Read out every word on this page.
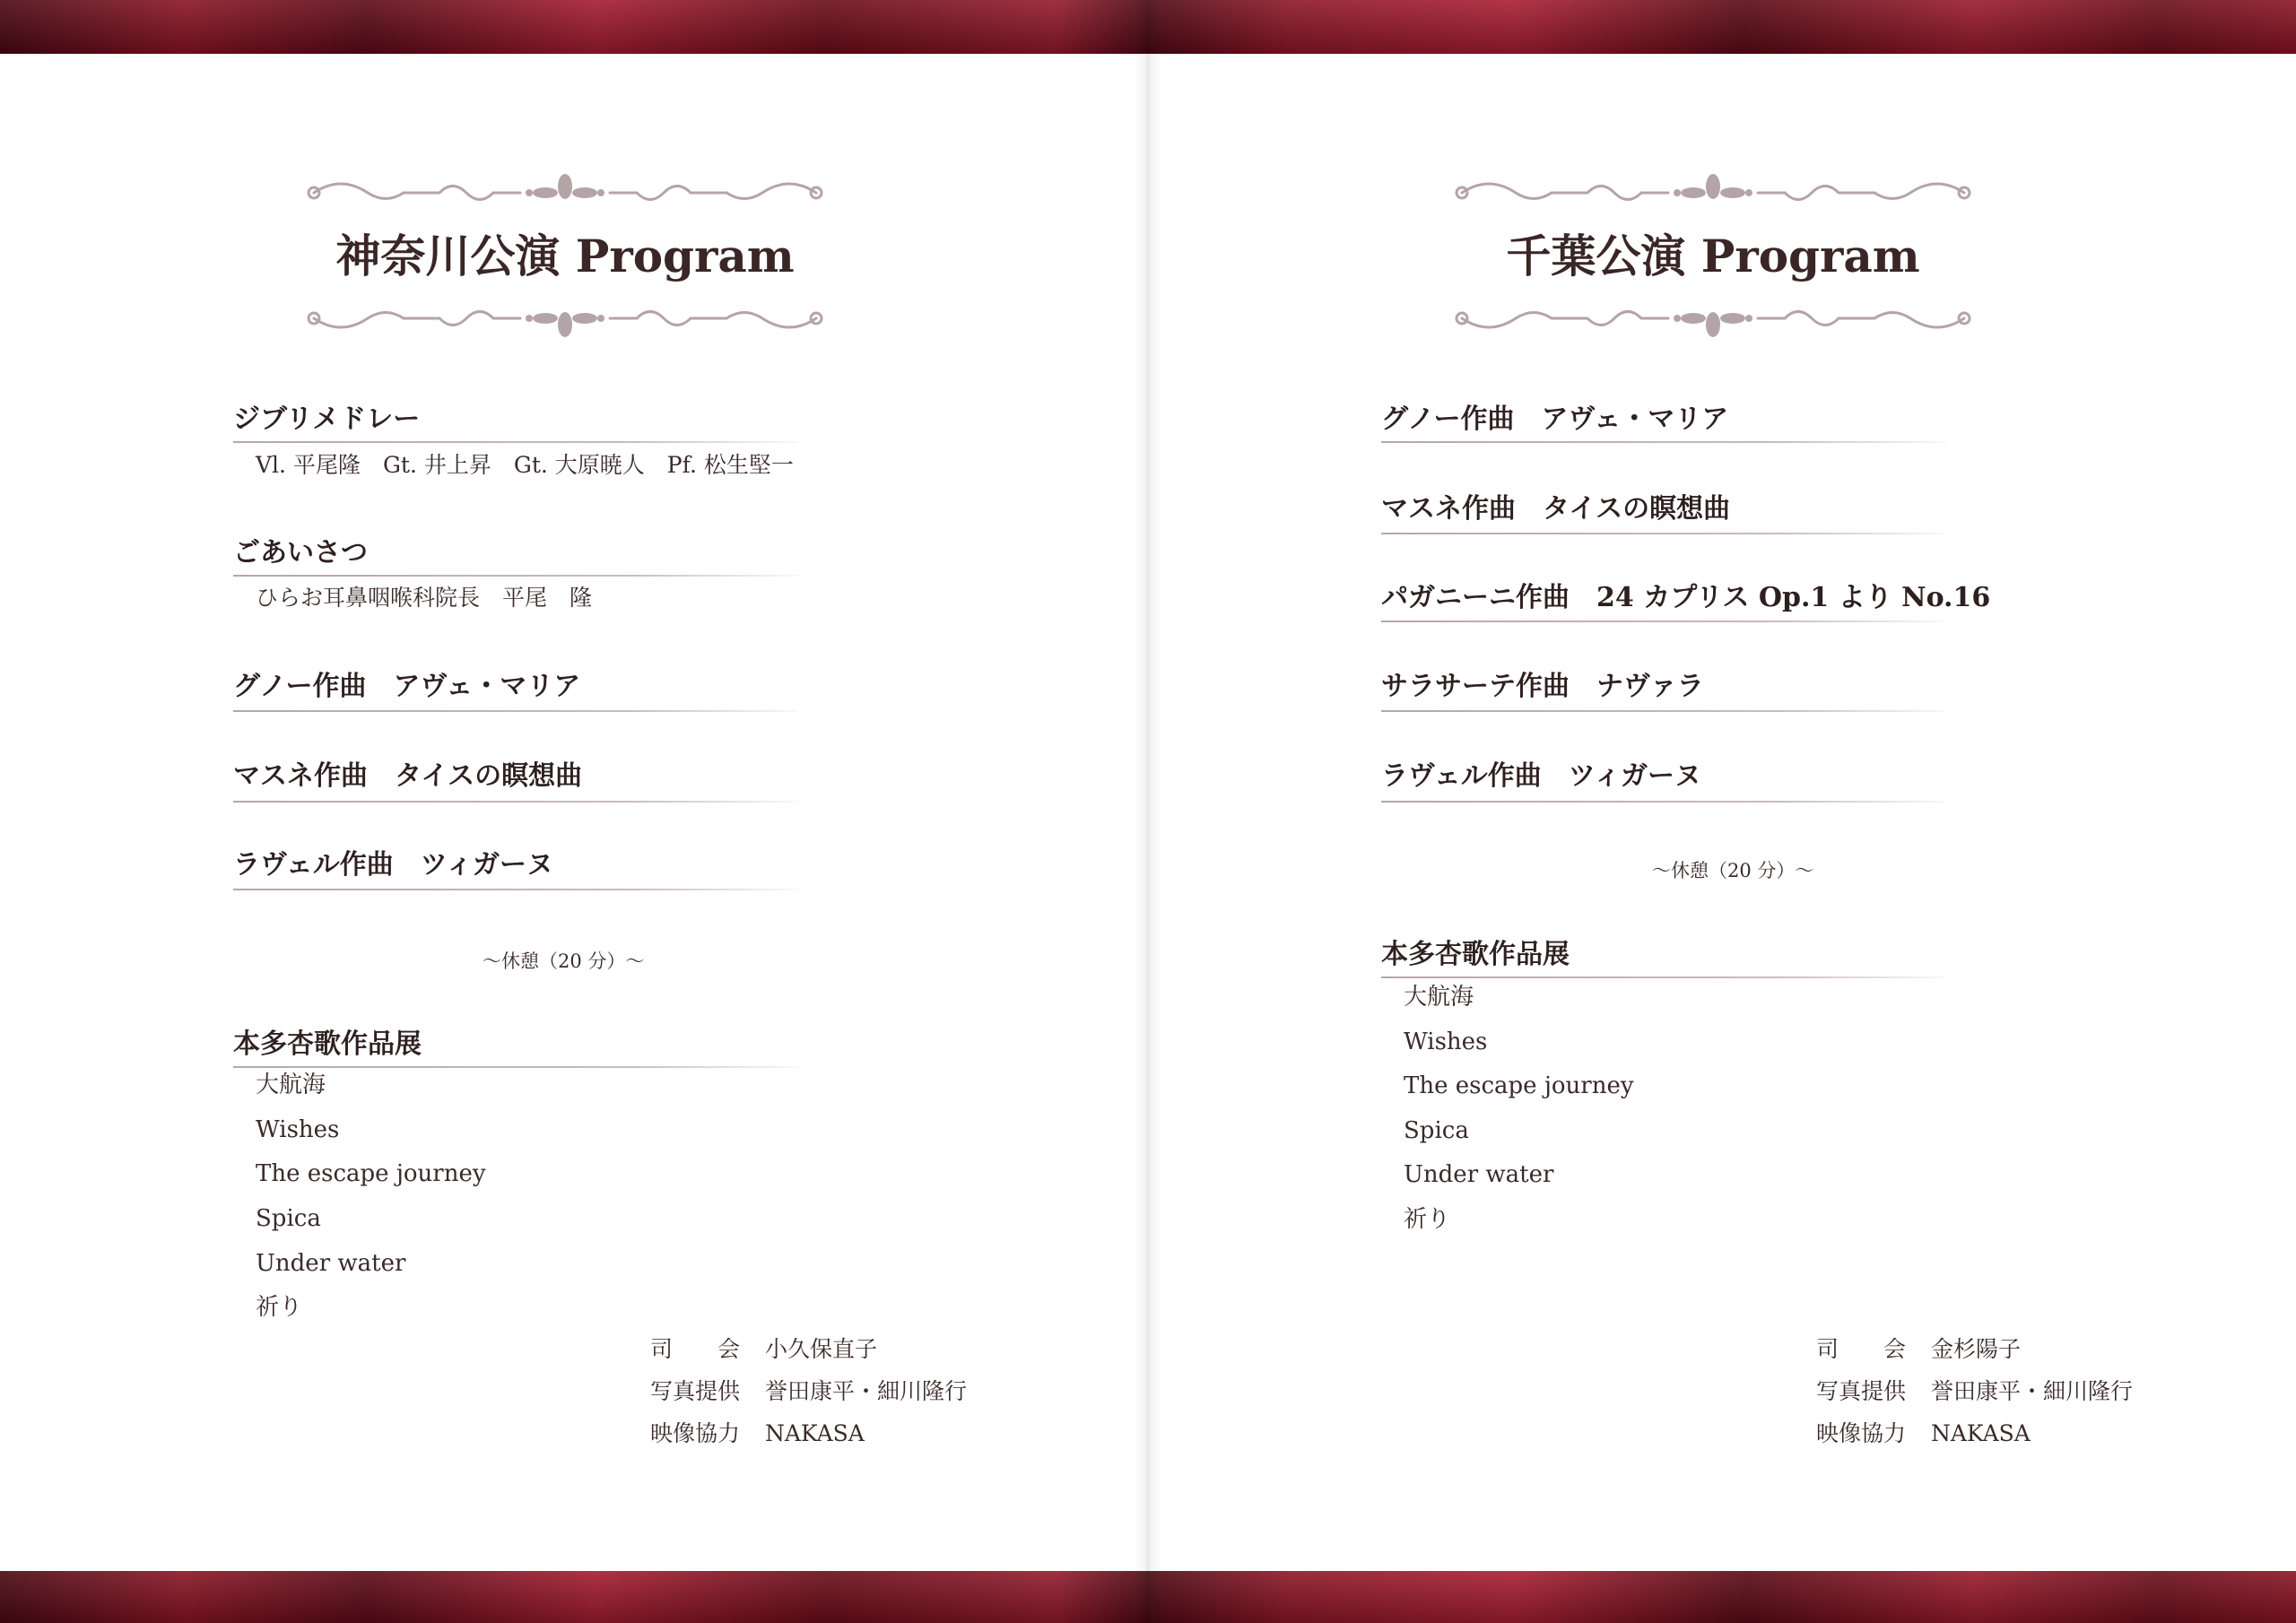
神奈川公演 Program
ジブリメドレー
Vl. 平尾隆　Gt. 井上昇　Gt. 大原暁人　Pf. 松生堅一
ごあいさつ
ひらお耳鼻咽喉科院長　平尾　隆
グノー作曲　アヴェ・マリア
マスネ作曲　タイスの瞑想曲
ラヴェル作曲　ツィガーヌ
～休憩（20 分）～
本多杏歌作品展
大航海
Wishes
The escape journey
Spica
Under water
祈り
司　　会 小久保直子
写真提供 誉田康平・細川隆行
映像協力 NAKASA
千葉公演 Program
グノー作曲　アヴェ・マリア
マスネ作曲　タイスの瞑想曲
パガニーニ作曲　24 カプリス Op.1 より No.16
サラサーテ作曲　ナヴァラ
ラヴェル作曲　ツィガーヌ
～休憩（20 分）～
本多杏歌作品展
大航海
Wishes
The escape journey
Spica
Under water
祈り
司　　会 金杉陽子
写真提供 誉田康平・細川隆行
映像協力 NAKASA
